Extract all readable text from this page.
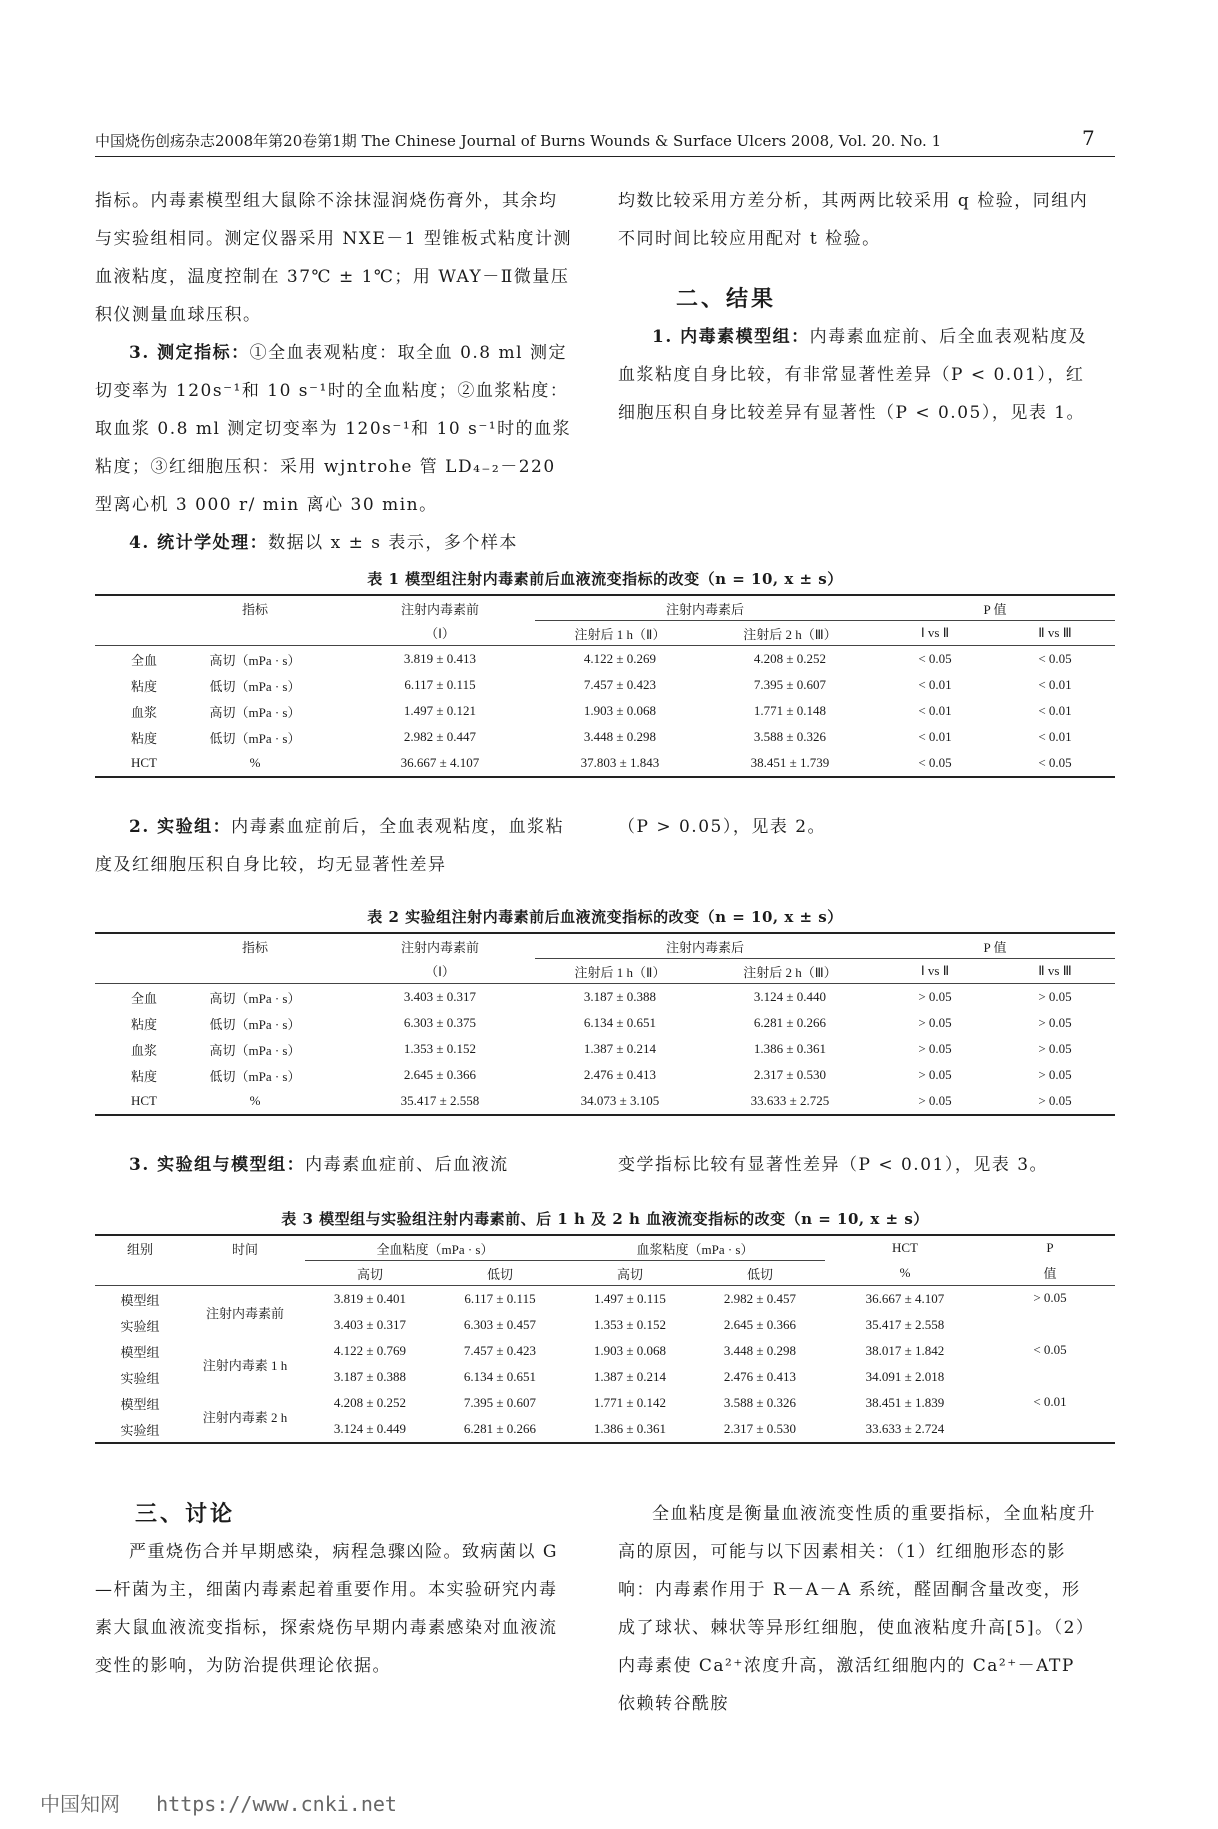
中国烧伤创疡杂志2008年第20卷第1期 The Chinese Journal of Burns Wounds & Surface Ulcers 2008, Vol. 20. No. 1	7

指标。内毒素模型组大鼠除不涂抹湿润烧伤膏外，其余均与实验组相同。测定仪器采用 NXE－1 型锥板式粘度计测血液粘度，温度控制在 37℃ ± 1℃；用 WAY－Ⅱ微量压积仪测量血球压积。

3. 测定指标：①全血表观粘度：取全血 0.8 ml 测定切变率为 120s⁻¹和 10 s⁻¹时的全血粘度；②血浆粘度：取血浆 0.8 ml 测定切变率为 120s⁻¹和 10 s⁻¹时的血浆粘度；③红细胞压积：采用 wjntrohe 管 LD₄₋₂－220 型离心机 3 000 r/ min 离心 30 min。

4. 统计学处理：数据以 x ± s 表示，多个样本

均数比较采用方差分析，其两两比较采用 q 检验，同组内不同时间比较应用配对 t 检验。

二、结果

1. 内毒素模型组：内毒素血症前、后全血表观粘度及血浆粘度自身比较，有非常显著性差异（P < 0.01），红细胞压积自身比较差异有显著性（P < 0.05），见表 1。

表 1 模型组注射内毒素前后血液流变指标的改变（n = 10, x ± s）
	指标	注射内毒素前	注射内毒素后		P 值	
		（Ⅰ）	注射后 1 h（Ⅱ）	注射后 2 h（Ⅲ）	Ⅰ vs Ⅱ	Ⅱ vs Ⅲ
全血	高切（mPa · s）	3.819 ± 0.413	4.122 ± 0.269	4.208 ± 0.252	< 0.05	< 0.05
粘度	低切（mPa · s）	6.117 ± 0.115	7.457 ± 0.423	7.395 ± 0.607	< 0.01	< 0.01
血浆	高切（mPa · s）	1.497 ± 0.121	1.903 ± 0.068	1.771 ± 0.148	< 0.01	< 0.01
粘度	低切（mPa · s）	2.982 ± 0.447	3.448 ± 0.298	3.588 ± 0.326	< 0.01	< 0.01
HCT	%	36.667 ± 4.107	37.803 ± 1.843	38.451 ± 1.739	< 0.05	< 0.05

2. 实验组：内毒素血症前后，全血表观粘度，血浆粘度及红细胞压积自身比较，均无显著性差异

（P > 0.05），见表 2。

表 2 实验组注射内毒素前后血液流变指标的改变（n = 10, x ± s）
	指标	注射内毒素前	注射内毒素后		P 值	
		（Ⅰ）	注射后 1 h（Ⅱ）	注射后 2 h（Ⅲ）	Ⅰ vs Ⅱ	Ⅱ vs Ⅲ
全血	高切（mPa · s）	3.403 ± 0.317	3.187 ± 0.388	3.124 ± 0.440	> 0.05	> 0.05
粘度	低切（mPa · s）	6.303 ± 0.375	6.134 ± 0.651	6.281 ± 0.266	> 0.05	> 0.05
血浆	高切（mPa · s）	1.353 ± 0.152	1.387 ± 0.214	1.386 ± 0.361	> 0.05	> 0.05
粘度	低切（mPa · s）	2.645 ± 0.366	2.476 ± 0.413	2.317 ± 0.530	> 0.05	> 0.05
HCT	%	35.417 ± 2.558	34.073 ± 3.105	33.633 ± 2.725	> 0.05	> 0.05

3. 实验组与模型组：内毒素血症前、后血液流	变学指标比较有显著性差异（P < 0.01），见表 3。

表 3 模型组与实验组注射内毒素前、后 1 h 及 2 h 血液流变指标的改变（n = 10, x ± s）
组别	时间	全血粘度（mPa · s）		血浆粘度（mPa · s）		HCT	P
		高切	低切	高切	低切	%	值
模型组	注射内毒素前	3.819 ± 0.401	6.117 ± 0.115	1.497 ± 0.115	2.982 ± 0.457	36.667 ± 4.107	> 0.05
实验组		3.403 ± 0.317	6.303 ± 0.457	1.353 ± 0.152	2.645 ± 0.366	35.417 ± 2.558	
模型组	注射内毒素 1 h	4.122 ± 0.769	7.457 ± 0.423	1.903 ± 0.068	3.448 ± 0.298	38.017 ± 1.842	< 0.05
实验组		3.187 ± 0.388	6.134 ± 0.651	1.387 ± 0.214	2.476 ± 0.413	34.091 ± 2.018	
模型组	注射内毒素 2 h	4.208 ± 0.252	7.395 ± 0.607	1.771 ± 0.142	3.588 ± 0.326	38.451 ± 1.839	< 0.01
实验组		3.124 ± 0.449	6.281 ± 0.266	1.386 ± 0.361	2.317 ± 0.530	33.633 ± 2.724	

三、讨论

严重烧伤合并早期感染，病程急骤凶险。致病菌以 G—杆菌为主，细菌内毒素起着重要作用。本实验研究内毒素大鼠血液流变指标，探索烧伤早期内毒素感染对血液流变性的影响，为防治提供理论依据。

全血粘度是衡量血液流变性质的重要指标，全血粘度升高的原因，可能与以下因素相关：（1）红细胞形态的影响：内毒素作用于 R－A－A 系统，醛固酮含量改变，形成了球状、棘状等异形红细胞，使血液粘度升高[5]。（2）内毒素使 Ca²⁺浓度升高，激活红细胞内的 Ca²⁺－ATP 依赖转谷酰胺

中国知网 https://www.cnki.net
